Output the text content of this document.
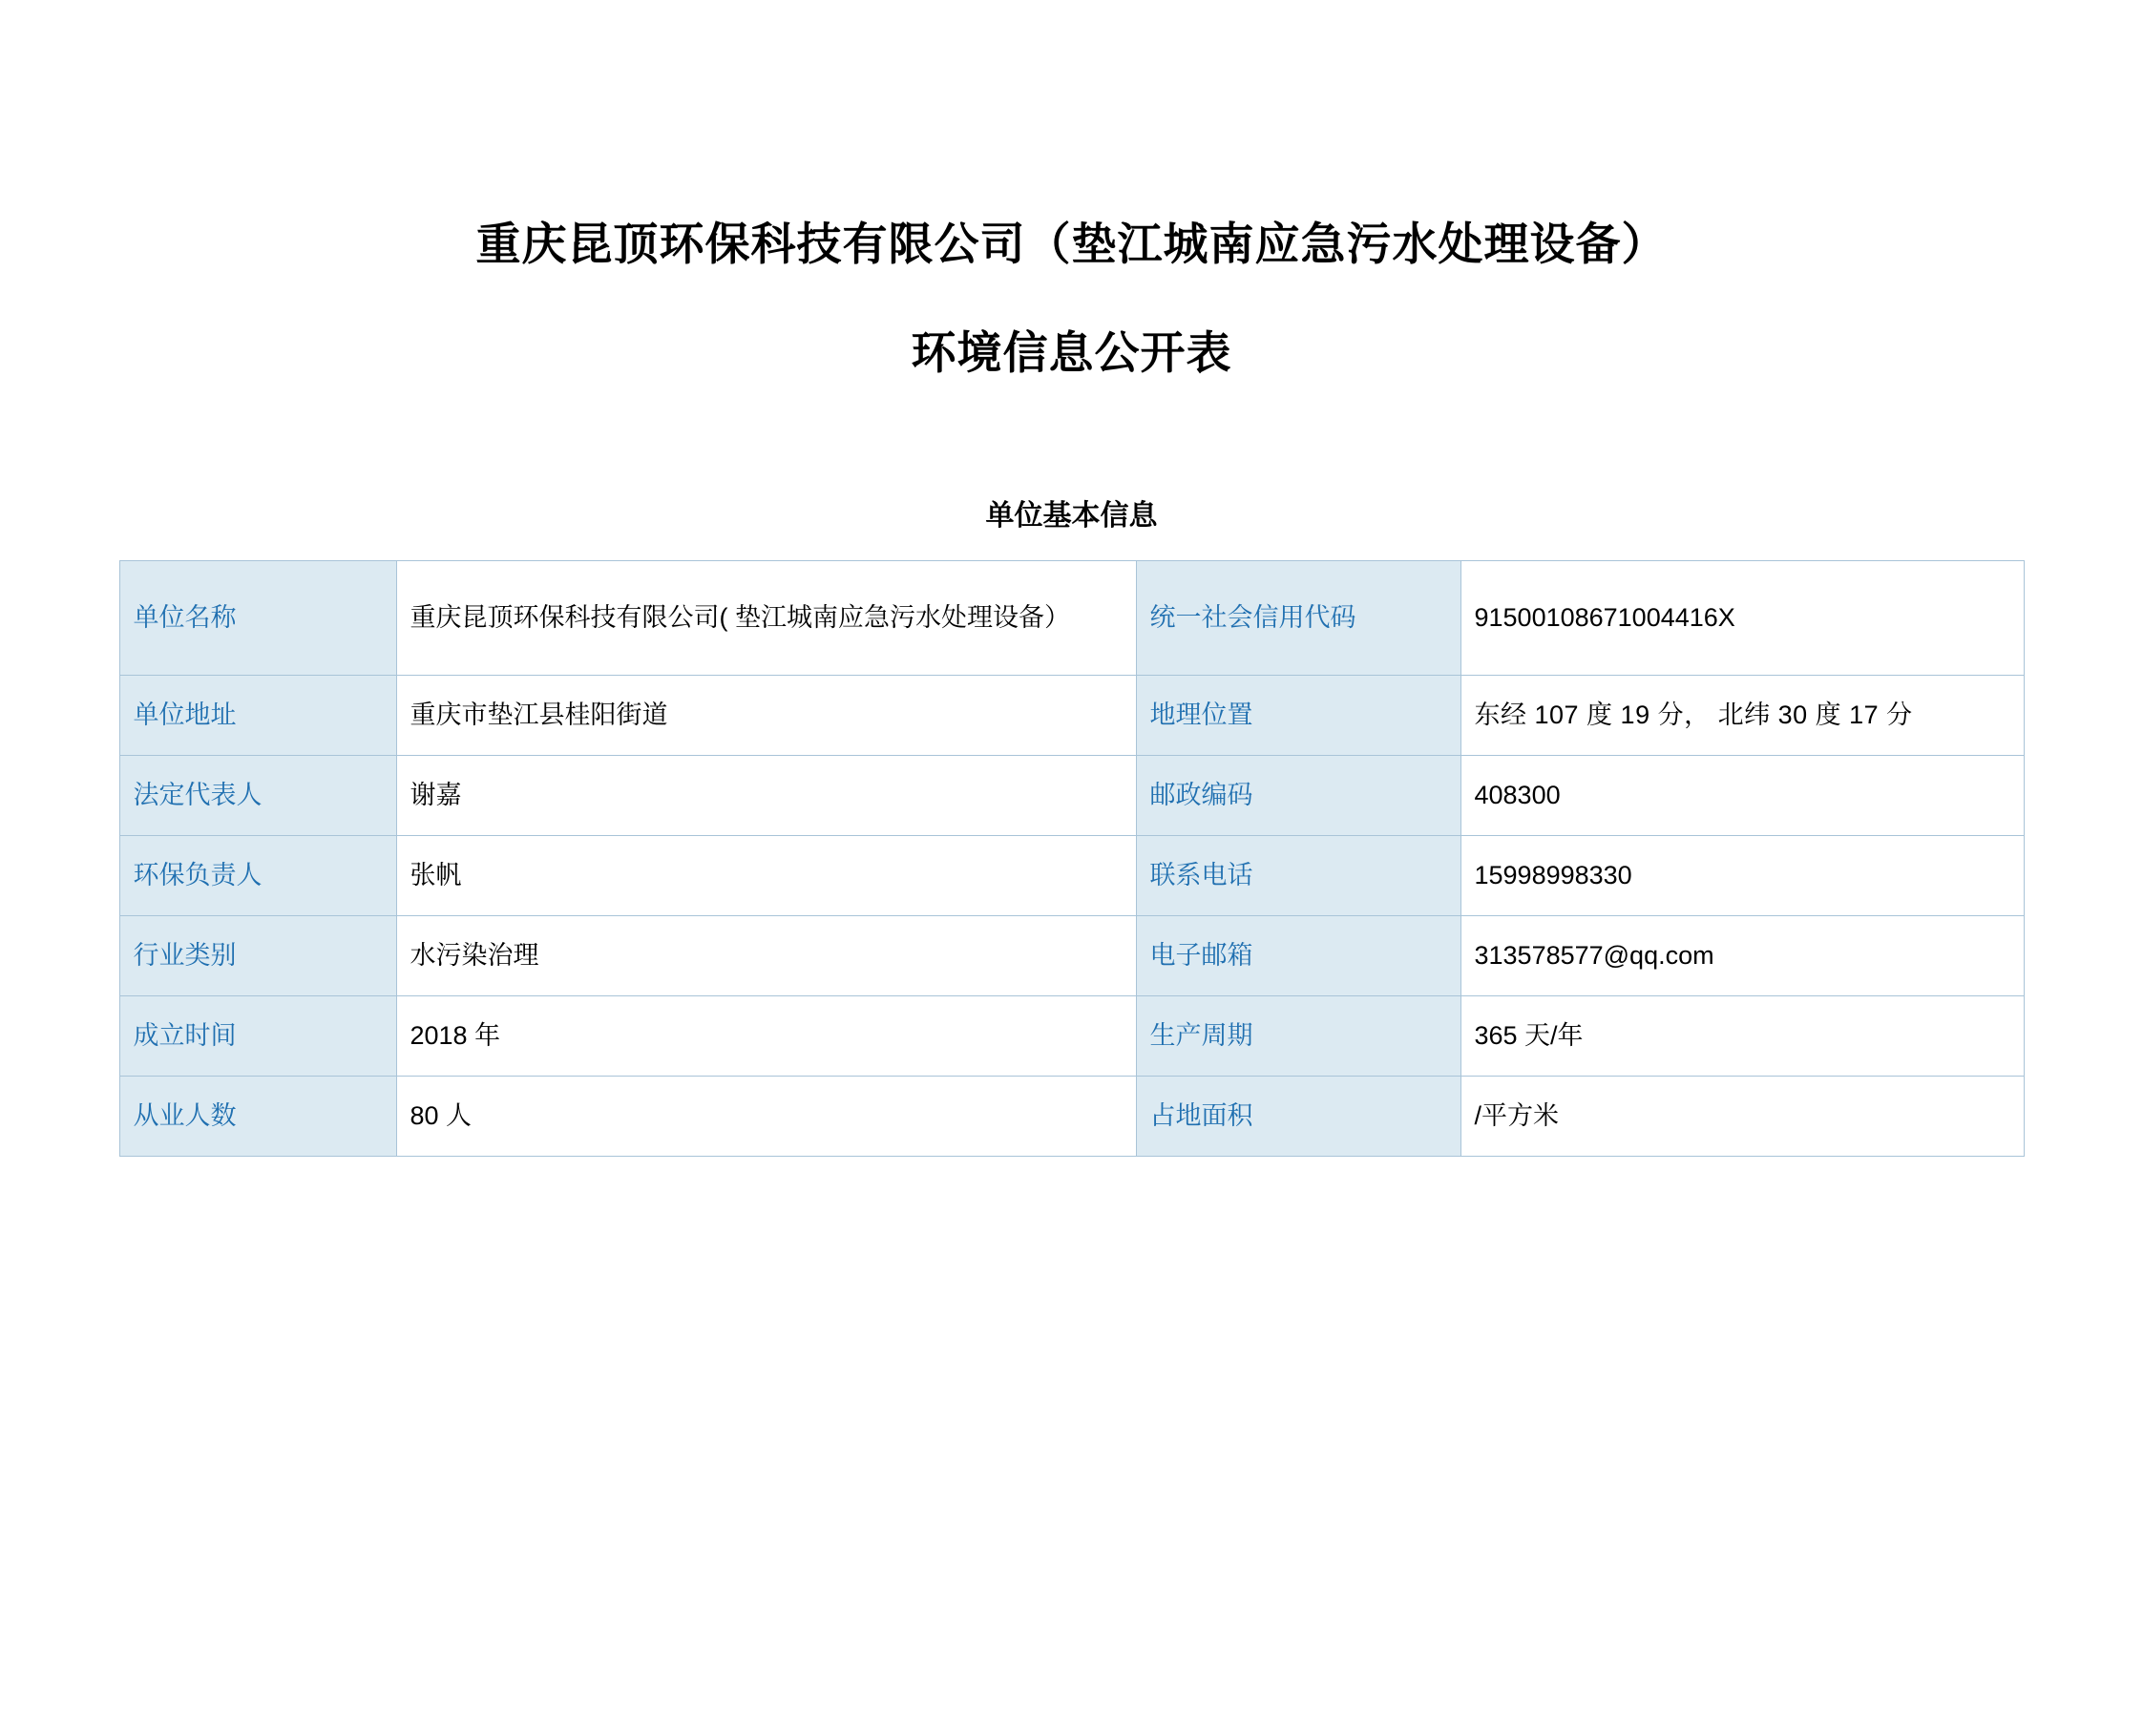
重庆昆顶环保科技有限公司（垫江城南应急污水处理设备）
环境信息公开表
单位基本信息
单位名称	重庆昆顶环保科技有限公司( 垫江城南应急污水处理设备）	统一社会信用代码	91500108671004416X
单位地址	重庆市垫江县桂阳街道	地理位置	东经 107 度 19 分， 北纬 30 度 17 分
法定代表人	谢嘉	邮政编码	408300
环保负责人	张帆	联系电话	15998998330
行业类别	水污染治理	电子邮箱	313578577@qq.com
成立时间	2018 年	生产周期	365 天/年
从业人数	80 人	占地面积	/平方米
